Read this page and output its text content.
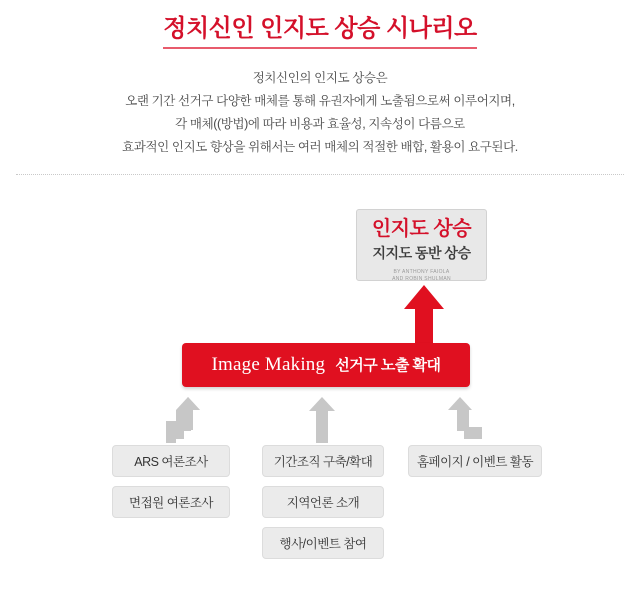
정치신인 인지도 상승 시나리오
정치신인의 인지도 상승은
오랜 기간 선거구 다양한 매체를 통해 유권자에게 노출됨으로써 이루어지며,
각 매체((방법)에 따라 비용과 효율성, 지속성이 다름으로
효과적인 인지도 향상을 위해서는 여러 매체의 적절한 배합, 활용이 요구된다.
인지도 상승
지지도 동반 상승
BY ANTHONY FAIOLA
AND ROBIN SHULMAN
Image Making 선거구 노출 확대
ARS 여론조사
면접원 여론조사
기간조직 구축/확대
지역언론 소개
행사/이벤트 참여
홈페이지 / 이벤트 활동
